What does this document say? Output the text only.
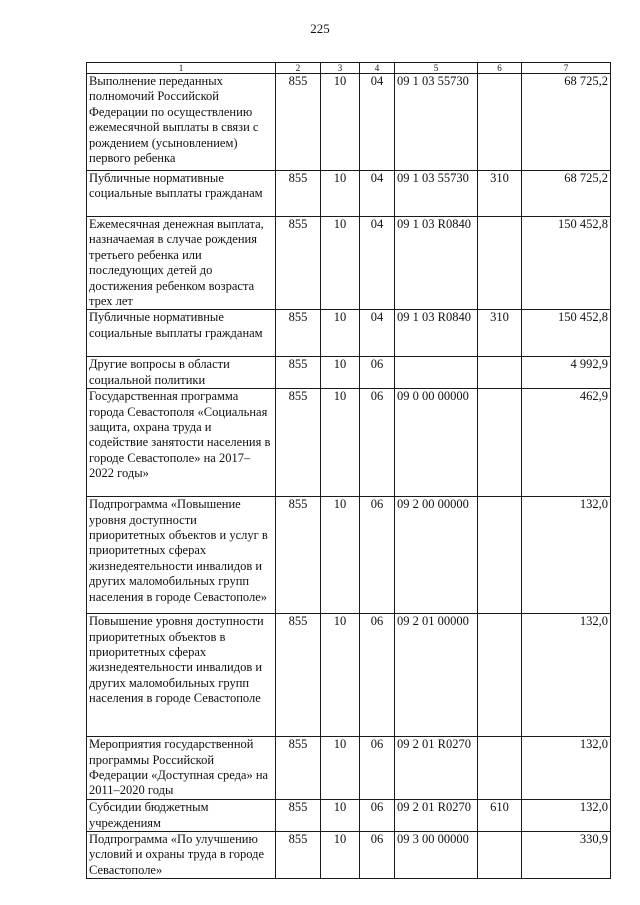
225
1	2	3	4	5	6	7
Выполнение переданных полномочий Российской Федерации по осуществлению ежемесячной выплаты в связи с рождением (усыновлением) первого ребенка	855	10	04	09 1 03 55730		68 725,2
Публичные нормативные социальные выплаты гражданам	855	10	04	09 1 03 55730	310	68 725,2
Ежемесячная денежная выплата, назначаемая в случае рождения третьего ребенка или последующих детей до достижения ребенком возраста трех лет	855	10	04	09 1 03 R0840		150 452,8
Публичные нормативные социальные выплаты гражданам	855	10	04	09 1 03 R0840	310	150 452,8
Другие вопросы в области социальной политики	855	10	06			4 992,9
Государственная программа города Севастополя «Социальная защита, охрана труда и содействие занятости населения в городе Севастополе» на 2017–2022 годы»	855	10	06	09 0 00 00000		462,9
Подпрограмма «Повышение уровня доступности приоритетных объектов и услуг в приоритетных сферах жизнедеятельности инвалидов и других маломобильных групп населения в городе Севастополе»	855	10	06	09 2 00 00000		132,0
Повышение уровня доступности приоритетных объектов в приоритетных сферах жизнедеятельности инвалидов и других маломобильных групп населения в городе Севастополе	855	10	06	09 2 01 00000		132,0
Мероприятия государственной программы Российской Федерации «Доступная среда» на 2011–2020 годы	855	10	06	09 2 01 R0270		132,0
Субсидии бюджетным учреждениям	855	10	06	09 2 01 R0270	610	132,0
Подпрограмма «По улучшению условий и охраны труда в городе Севастополе»	855	10	06	09 3 00 00000		330,9
